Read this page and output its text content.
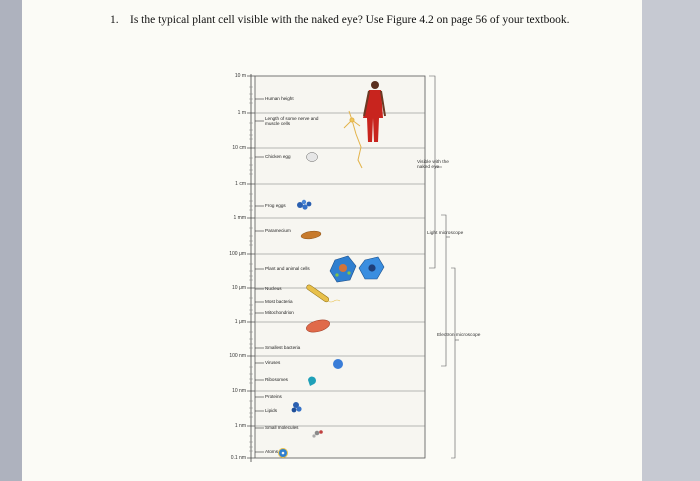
1. Is the typical plant cell visible with the naked eye? Use Figure 4.2 on page 56 of your textbook.
10 m
1 m
10 cm
1 cm
1 mm
100 μm
10 μm
1 μm
100 nm
10 nm
1 nm
0.1 nm
Human height
Length of some nerve and muscle cells
Chicken egg
Frog eggs
Paramecium
Plant and animal cells
Nucleus
Most bacteria
Mitochondrion
Smallest bacteria
Viruses
Ribosomes
Proteins
Lipids
Small molecules
Atoms
Visible with the naked eye
Light microscope
Electron microscope
